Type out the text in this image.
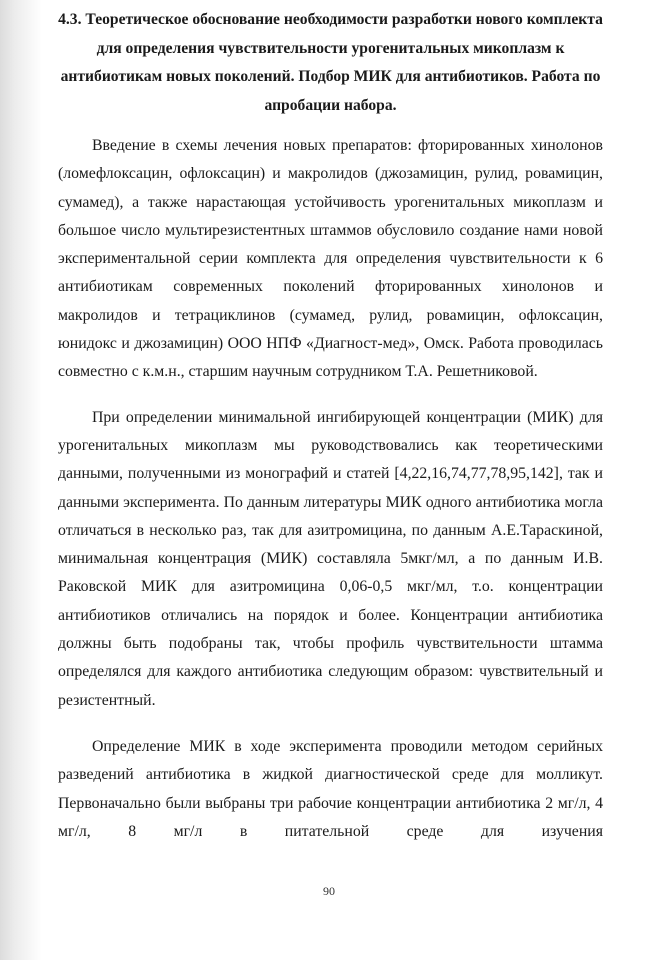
4.3. Теоретическое обоснование необходимости разработки нового комплекта для определения чувствительности урогенитальных микоплазм к антибиотикам новых поколений. Подбор МИК для антибиотиков. Работа по апробации набора.

Введение в схемы лечения новых препаратов: фторированных хинолонов (ломефлоксацин, офлоксацин) и макролидов (джозамицин, рулид, ровамицин, сумамед), а также нарастающая устойчивость урогенитальных микоплазм и большое число мультирезистентных штаммов обусловило создание нами новой экспериментальной серии комплекта для определения чувствительности к 6 антибиотикам современных поколений фторированных хинолонов и макролидов и тетрациклинов (сумамед, рулид, ровамицин, офлоксацин, юнидокс и джозамицин) ООО НПФ «Диагност-мед», Омск. Работа проводилась совместно с к.м.н., старшим научным сотрудником Т.А. Решетниковой.

При определении минимальной ингибирующей концентрации (МИК) для урогенитальных микоплазм мы руководствовались как теоретическими данными, полученными из монографий и статей [4,22,16,74,77,78,95,142], так и данными эксперимента. По данным литературы МИК одного антибиотика могла отличаться в несколько раз, так для азитромицина, по данным А.Е.Тараскиной, минимальная концентрация (МИК) составляла 5мкг/мл, а по данным И.В. Раковской МИК для азитромицина 0,06-0,5 мкг/мл, т.о. концентрации антибиотиков отличались на порядок и более. Концентрации антибиотика должны быть подобраны так, чтобы профиль чувствительности штамма определялся для каждого антибиотика следующим образом: чувствительный и резистентный.

Определение МИК в ходе эксперимента проводили методом серийных разведений антибиотика в жидкой диагностической среде для молликут. Первоначально были выбраны три рабочие концентрации антибиотика 2 мг/л, 4 мг/л, 8 мг/л в питательной среде для изучения

90
